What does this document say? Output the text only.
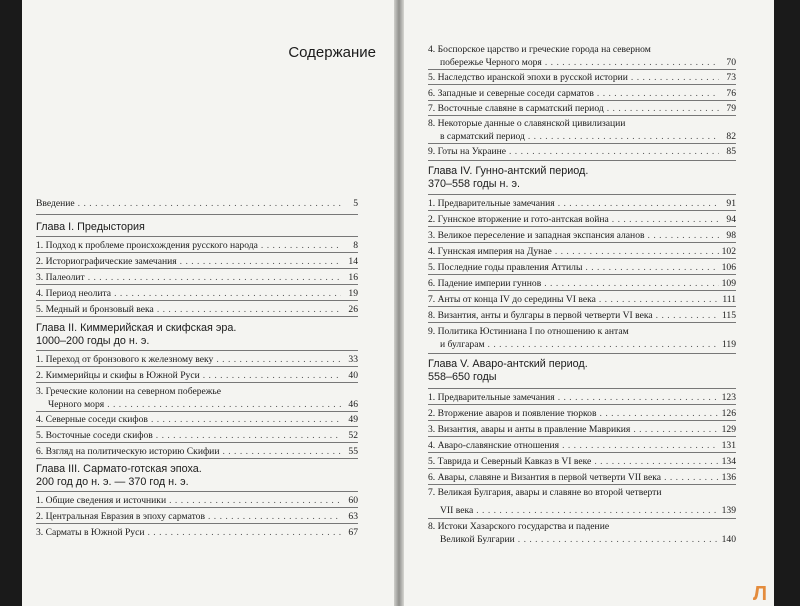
Содержание
Введение . . .	5
Глава I. Предыстория
1. Подход к проблеме происхождения русского народа . . .	8
2. Историографические замечания . . .	14
3. Палеолит . . .	16
4. Период неолита . . .	19
5. Медный и бронзовый века . . .	26
Глава II. Киммерийская и скифская эра.
1000–200 годы до н. э.
1. Переход от бронзового к железному веку . . .	33
2. Киммерийцы и скифы в Южной Руси . . .	40
3. Греческие колонии на северном побережье
Черного моря . . .	46
4. Северные соседи скифов . . .	49
5. Восточные соседи скифов . . .	52
6. Взгляд на политическую историю Скифии . . .	55
Глава III. Сармато-готская эпоха.
200 год до н. э. — 370 год н. э.
1. Общие сведения и источники . . .	60
2. Центральная Евразия в эпоху сарматов . . .	63
3. Сарматы в Южной Руси . . .	67
4. Боспорское царство и греческие города на северном
побережье Черного моря . . .	70
5. Наследство иранской эпохи в русской истории . . .	73
6. Западные и северные соседи сарматов . . .	76
7. Восточные славяне в сарматский период . . .	79
8. Некоторые данные о славянской цивилизации
в сарматский период . . .	82
9. Готы на Украине . . .	85
Глава IV. Гунно-антский период.
370–558 годы н. э.
1. Предварительные замечания . . .	91
2. Гуннское вторжение и гото-антская война . . .	94
3. Великое переселение и западная экспансия аланов . . .	98
4. Гуннская империя на Дунае . . .	102
5. Последние годы правления Аттилы . . .	106
6. Падение империи гуннов . . .	109
7. Анты от конца IV до середины VI века . . .	111
8. Византия, анты и булгары в первой четверти VI века . . .	115
9. Политика Юстиниана I по отношению к антам
и булгарам . . .	119
Глава V. Аваро-антский период.
558–650 годы
1. Предварительные замечания . . .	123
2. Вторжение аваров и появление тюрков . . .	126
3. Византия, авары и анты в правление Маврикия . . .	129
4. Аваро-славянские отношения . . .	131
5. Таврида и Северный Кавказ в VI веке . . .	134
6. Авары, славяне и Византия в первой четверти VII века . . .	136
7. Великая Булгария, авары и славяне во второй четверти
VII века . . .	139
8. Истоки Хазарского государства и падение
Великой Булгарии . . .	140
Л
